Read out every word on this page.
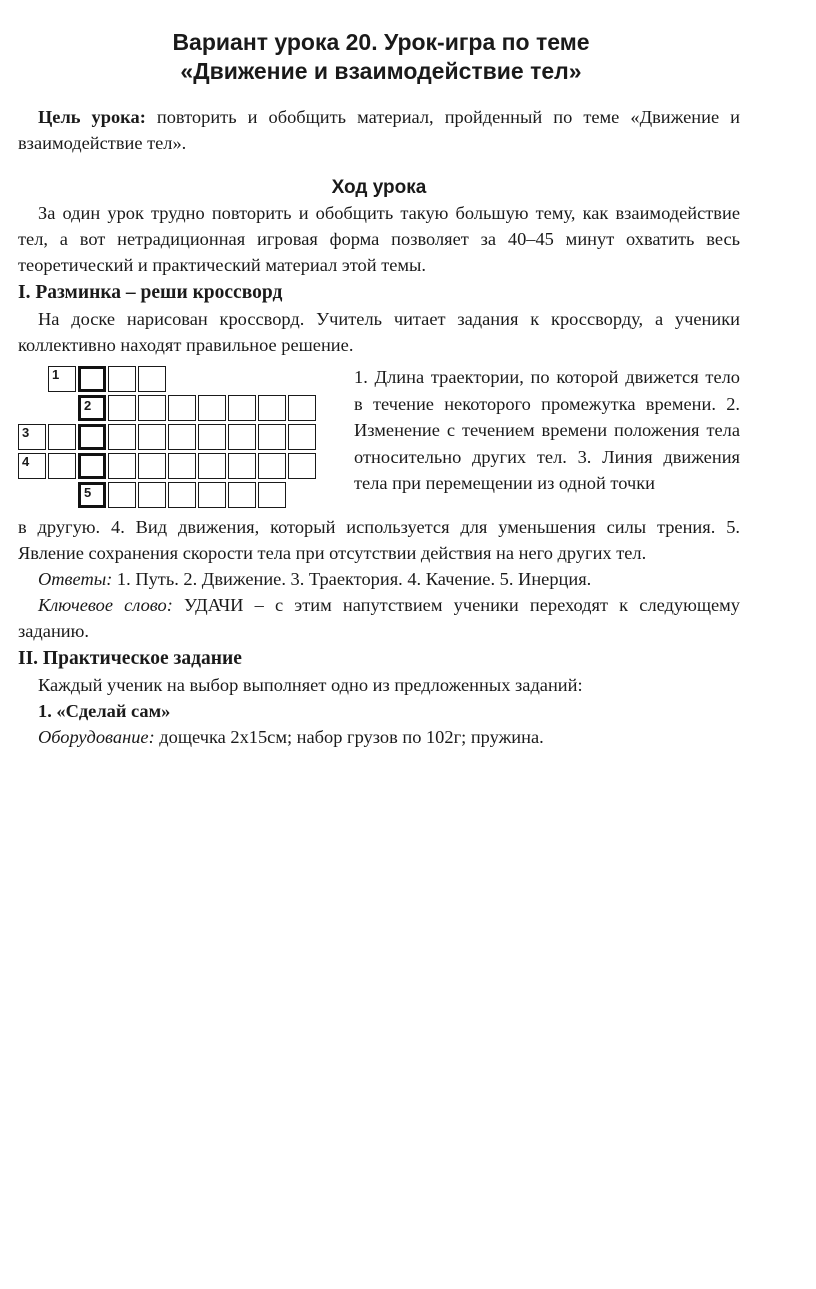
Вариант урока 20. Урок-игра по теме
«Движение и взаимодействие тел»

Цель урока: повторить и обобщить материал, пройденный по теме «Движение и взаимодействие тел».

Ход урока

За один урок трудно повторить и обобщить такую большую тему, как взаимодействие тел, а вот нетрадиционная игровая форма позволяет за 40–45 минут охватить весь теоретический и практический материал этой темы.

I. Разминка – реши кроссворд

На доске нарисован кроссворд. Учитель читает задания к кроссворду, а ученики коллективно находят правильное решение.

1
2
3
4
5
1. Длина траектории, по которой движется тело в течение некоторого промежутка времени. 2. Изменение с течением времени положения тела относительно других тел. 3. Линия движения тела при перемещении из одной точки

в другую. 4. Вид движения, который используется для уменьшения силы трения. 5. Явление сохранения скорости тела при отсутствии действия на него других тел.

Ответы: 1. Путь. 2. Движение. 3. Траектория. 4. Качение. 5. Инерция.

Ключевое слово: УДАЧИ – с этим напутствием ученики переходят к следующему заданию.

II. Практическое задание

Каждый ученик на выбор выполняет одно из предложенных заданий:

1. «Сделай сам»

Оборудование: дощечка 2х15см; набор грузов по 102г; пружина.
